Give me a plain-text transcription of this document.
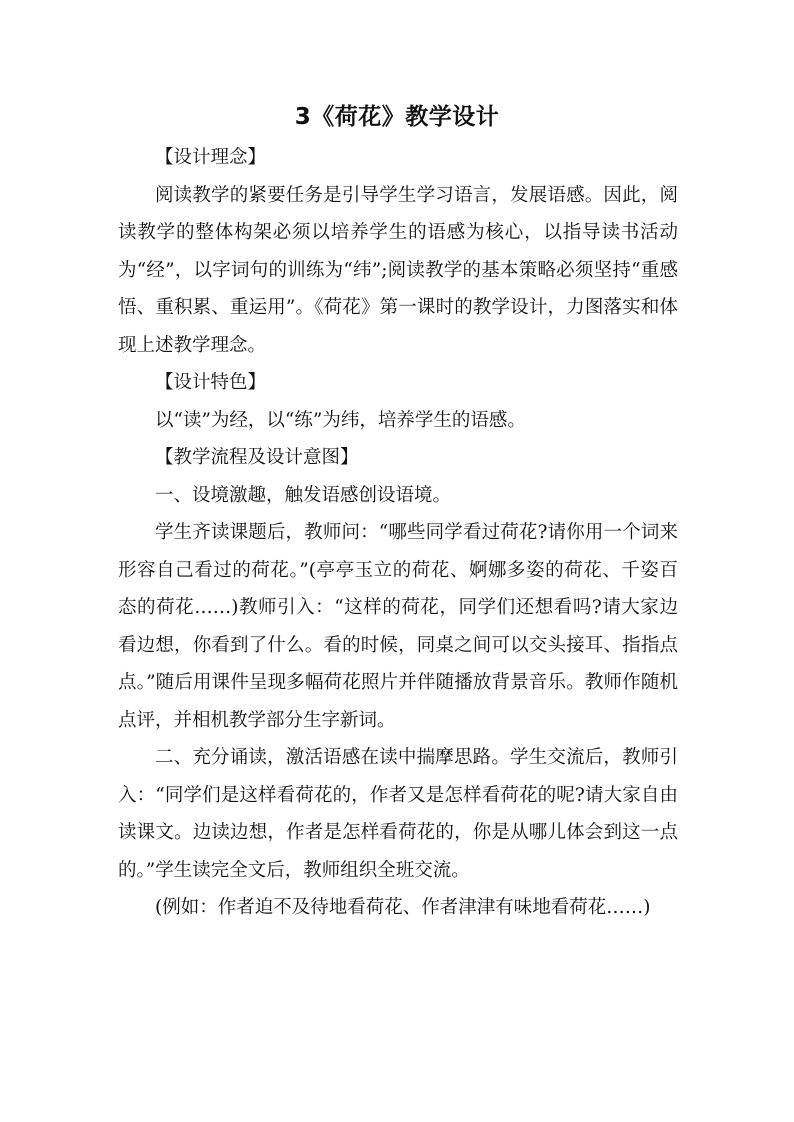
3《荷花》教学设计

【设计理念】

阅读教学的紧要任务是引导学生学习语言，发展语感。因此，阅读教学的整体构架必须以培养学生的语感为核心，以指导读书活动为“经”，以字词句的训练为“纬”;阅读教学的基本策略必须坚持“重感悟、重积累、重运用”。《荷花》第一课时的教学设计，力图落实和体现上述教学理念。

【设计特色】

以“读”为经，以“练”为纬，培养学生的语感。

【教学流程及设计意图】

一、设境激趣，触发语感创设语境。

学生齐读课题后，教师问：“哪些同学看过荷花?请你用一个词来形容自己看过的荷花。”(亭亭玉立的荷花、婀娜多姿的荷花、千姿百态的荷花……)教师引入：“这样的荷花，同学们还想看吗?请大家边看边想，你看到了什么。看的时候，同桌之间可以交头接耳、指指点点。”随后用课件呈现多幅荷花照片并伴随播放背景音乐。教师作随机点评，并相机教学部分生字新词。

二、充分诵读，激活语感在读中揣摩思路。学生交流后，教师引入：“同学们是这样看荷花的，作者又是怎样看荷花的呢?请大家自由读课文。边读边想，作者是怎样看荷花的，你是从哪儿体会到这一点的。”学生读完全文后，教师组织全班交流。

(例如：作者迫不及待地看荷花、作者津津有味地看荷花……)
